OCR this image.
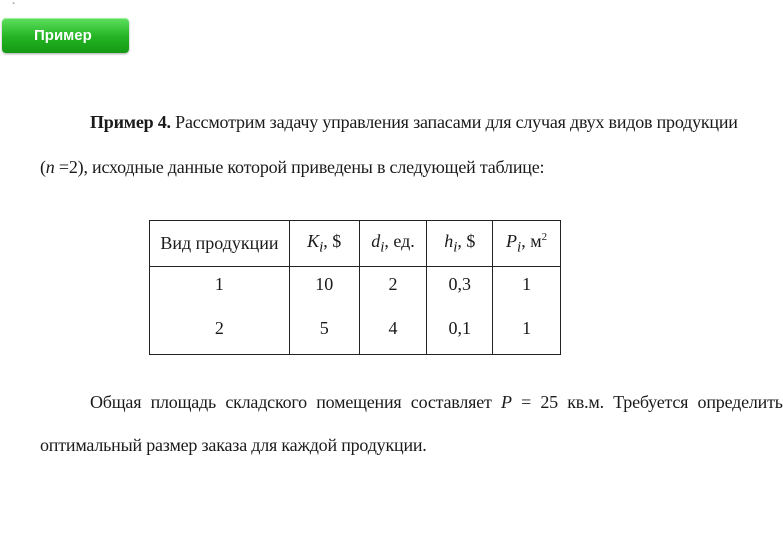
`
Пример
Пример 4. Рассмотрим задачу управления запасами для случая двух видов продукции
(n =2), исходные данные которой приведены в следующей таблице:
Вид продукции	$K_i$, $	$d_i$, ед.	$h_i$, $	$P_i$, $м^2$
1	10	2	0,3	1
2	5	4	0,1	1
Общая площадь складского помещения составляет P = 25 кв.м. Требуется определить
оптимальный размер заказа для каждой продукции.
